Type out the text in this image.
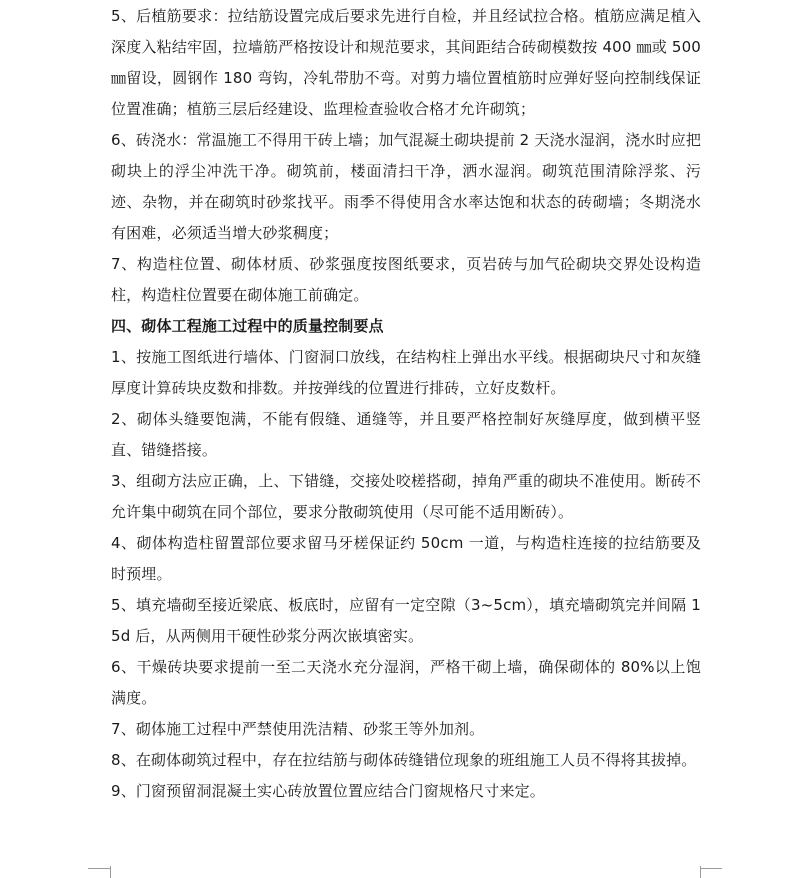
5、后植筋要求：拉结筋设置完成后要求先进行自检，并且经试拉合格。植筋应满足植入深度入粘结牢固，拉墙筋严格按设计和规范要求，其间距结合砖砌模数按 400 ㎜或 500 ㎜留设，圆钢作 180 弯钩，冷轧带肋不弯。对剪力墙位置植筋时应弹好竖向控制线保证位置准确；植筋三层后经建设、监理检查验收合格才允许砌筑；

6、砖浇水：常温施工不得用干砖上墙；加气混凝土砌块提前 2 天浇水湿润，浇水时应把砌块上的浮尘冲洗干净。砌筑前，楼面清扫干净，洒水湿润。砌筑范围清除浮浆、污迹、杂物，并在砌筑时砂浆找平。雨季不得使用含水率达饱和状态的砖砌墙；冬期浇水有困难，必须适当增大砂浆稠度；

7、构造柱位置、砌体材质、砂浆强度按图纸要求，页岩砖与加气砼砌块交界处设构造柱，构造柱位置要在砌体施工前确定。

四、砌体工程施工过程中的质量控制要点

1、按施工图纸进行墙体、门窗洞口放线，在结构柱上弹出水平线。根据砌块尺寸和灰缝厚度计算砖块皮数和排数。并按弹线的位置进行排砖，立好皮数杆。

2、砌体头缝要饱满，不能有假缝、通缝等，并且要严格控制好灰缝厚度，做到横平竖直、错缝搭接。

3、组砌方法应正确，上、下错缝，交接处咬槎搭砌，掉角严重的砌块不准使用。断砖不允许集中砌筑在同个部位，要求分散砌筑使用（尽可能不适用断砖）。

4、砌体构造柱留置部位要求留马牙槎保证约 50cm 一道，与构造柱连接的拉结筋要及时预埋。

5、填充墙砌至接近梁底、板底时，应留有一定空隙（3~5cm），填充墙砌筑完并间隔 15d 后，从两侧用干硬性砂浆分两次嵌填密实。

6、干燥砖块要求提前一至二天浇水充分湿润，严格干砌上墙，确保砌体的 80%以上饱满度。

7、砌体施工过程中严禁使用洗洁精、砂浆王等外加剂。

8、在砌体砌筑过程中，存在拉结筋与砌体砖缝错位现象的班组施工人员不得将其拔掉。

9、门窗预留洞混凝土实心砖放置位置应结合门窗规格尺寸来定。
